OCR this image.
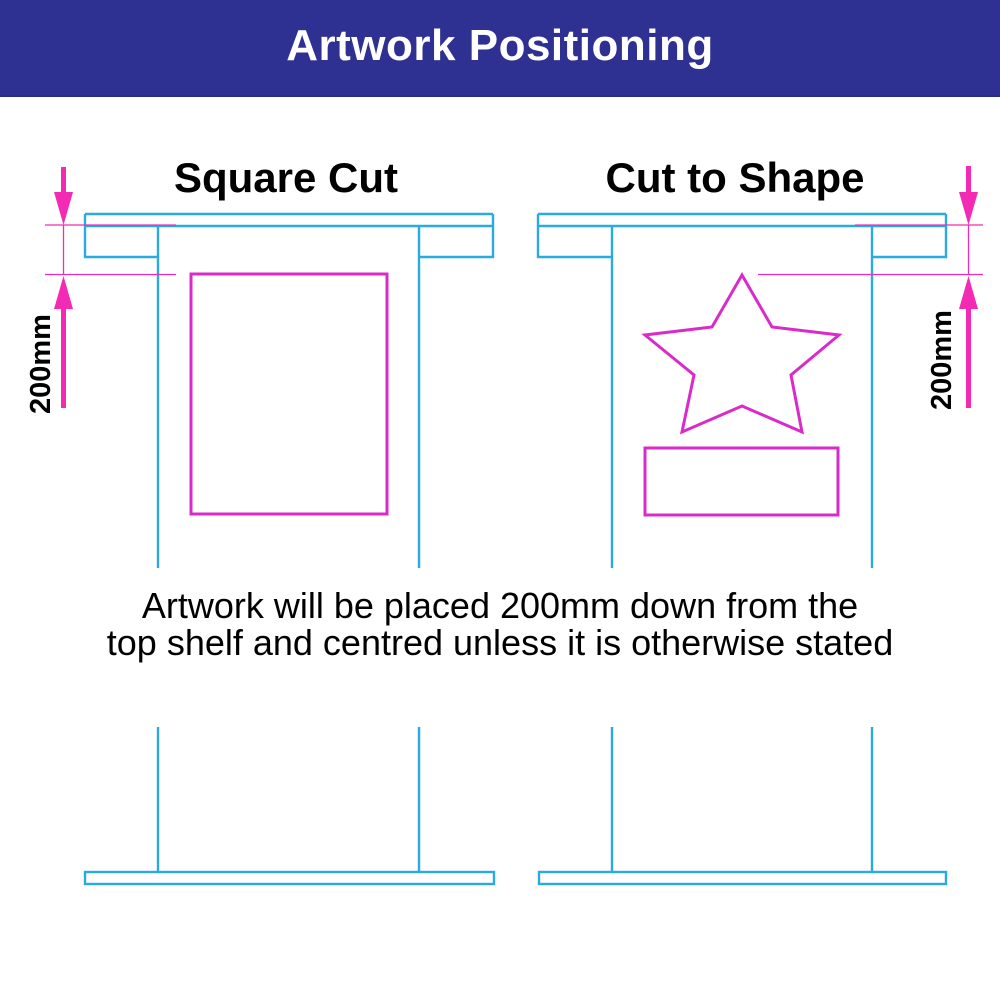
Artwork Positioning
Square Cut	Cut to Shape
200mm	200mm
Artwork will be placed 200mm down from the
top shelf and centred unless it is otherwise stated
